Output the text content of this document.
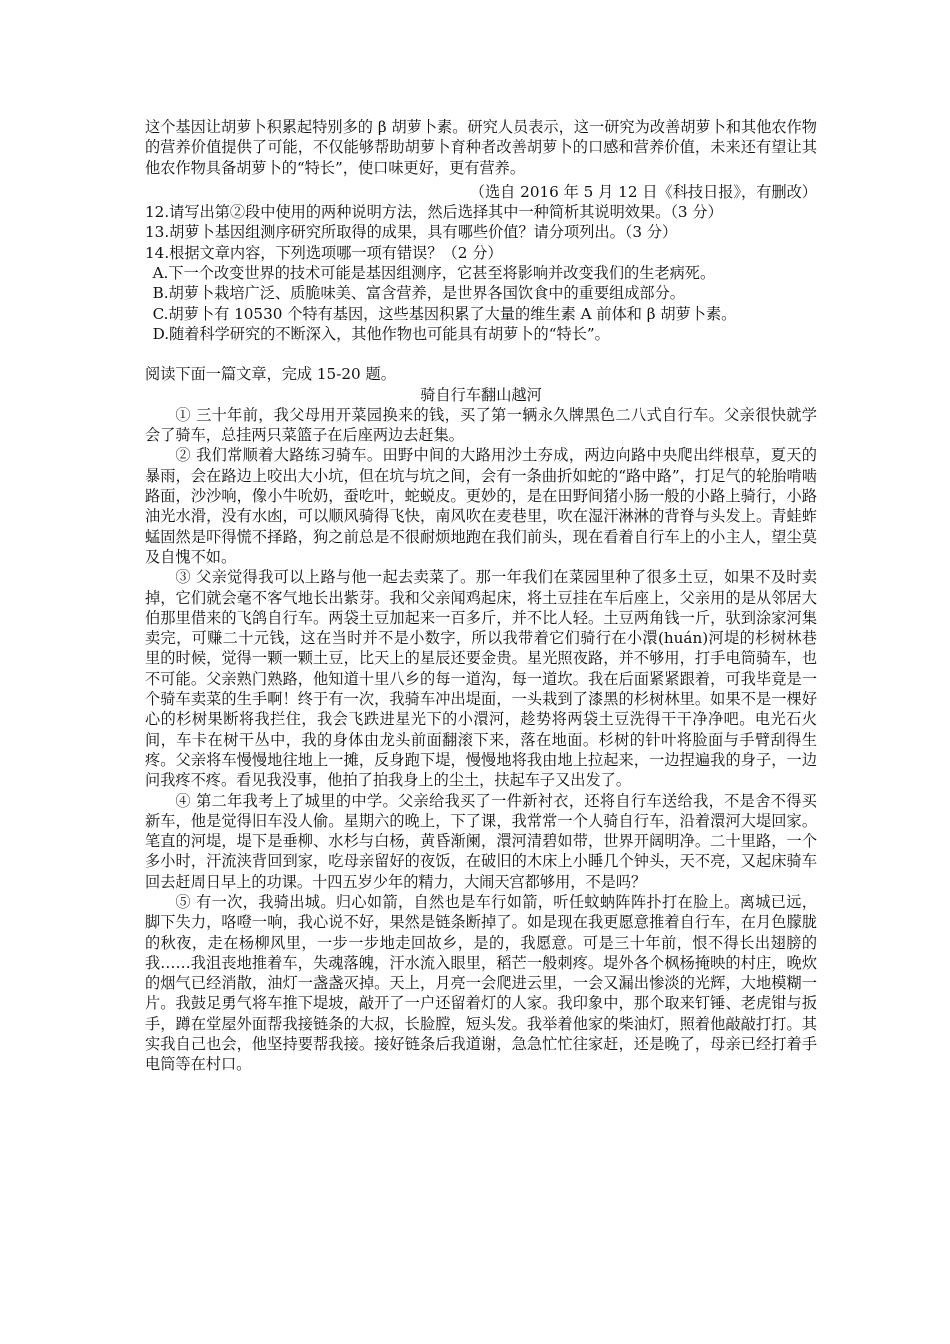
这个基因让胡萝卜积累起特别多的 β 胡萝卜素。研究人员表示，这一研究为改善胡萝卜和其他农作物的营养价值提供了可能，不仅能够帮助胡萝卜育种者改善胡萝卜的口感和营养价值，未来还有望让其他农作物具备胡萝卜的“特长”，使口味更好，更有营养。

（选自 2016 年 5 月 12 日《科技日报》，有删改）

12.请写出第②段中使用的两种说明方法，然后选择其中一种简析其说明效果。（3 分）

13.胡萝卜基因组测序研究所取得的成果，具有哪些价值？请分项列出。（3 分）

14.根据文章内容，下列选项哪一项有错误？（2 分）

A.下一个改变世界的技术可能是基因组测序，它甚至将影响并改变我们的生老病死。

B.胡萝卜栽培广泛、质脆味美、富含营养，是世界各国饮食中的重要组成部分。

C.胡萝卜有 10530 个特有基因，这些基因积累了大量的维生素 A 前体和 β 胡萝卜素。

D.随着科学研究的不断深入，其他作物也可能具有胡萝卜的“特长”。

阅读下面一篇文章，完成 15-20 题。

骑自行车翻山越河

① 三十年前，我父母用开菜园换来的钱，买了第一辆永久牌黑色二八式自行车。父亲很快就学会了骑车，总挂两只菜篮子在后座两边去赶集。

② 我们常顺着大路练习骑车。田野中间的大路用沙土夯成，两边向路中央爬出绊根草，夏天的暴雨，会在路边上咬出大小坑，但在坑与坑之间，会有一条曲折如蛇的“路中路”，打足气的轮胎啃啮路面，沙沙响，像小牛吮奶，蚕吃叶，蛇蜕皮。更妙的，是在田野间猪小肠一般的小路上骑行，小路油光水滑，没有水凼，可以顺风骑得飞快，南风吹在麦巷里，吹在湿汗淋淋的背脊与头发上。青蛙蚱蜢固然是吓得慌不择路，狗之前总是不很耐烦地跑在我们前头，现在看着自行车上的小主人，望尘莫及自愧不如。

③ 父亲觉得我可以上路与他一起去卖菜了。那一年我们在菜园里种了很多土豆，如果不及时卖掉，它们就会毫不客气地长出紫芽。我和父亲闻鸡起床，将土豆挂在车后座上，父亲用的是从邻居大伯那里借来的飞鸽自行车。两袋土豆加起来一百多斤，并不比人轻。土豆两角钱一斤，驮到涂家河集卖完，可赚二十元钱，这在当时并不是小数字，所以我带着它们骑行在小澴(huán)河堤的杉树林巷里的时候，觉得一颗一颗土豆，比天上的星辰还要金贵。星光照夜路，并不够用，打手电筒骑车，也不可能。父亲熟门熟路，他知道十里八乡的每一道沟，每一道坎。我在后面紧紧跟着，可我毕竟是一个骑车卖菜的生手啊！终于有一次，我骑车冲出堤面，一头栽到了漆黑的杉树林里。如果不是一棵好心的杉树果断将我拦住，我会飞跌进星光下的小澴河，趁势将两袋土豆洗得干干净净吧。电光石火间，车卡在树干丛中，我的身体由龙头前面翻滚下来，落在地面。杉树的针叶将脸面与手臂刮得生疼。父亲将车慢慢地往地上一摊，反身跑下堤，慢慢地将我由地上拉起来，一边捏遍我的身子，一边问我疼不疼。看见我没事，他拍了拍我身上的尘土，扶起车子又出发了。

④ 第二年我考上了城里的中学。父亲给我买了一件新衬衣，还将自行车送给我，不是舍不得买新车，他是觉得旧车没人偷。星期六的晚上，下了课，我常常一个人骑自行车，沿着澴河大堤回家。笔直的河堤，堤下是垂柳、水杉与白杨，黄昏渐阑，澴河清碧如带，世界开阔明净。二十里路，一个多小时，汗流浃背回到家，吃母亲留好的夜饭，在破旧的木床上小睡几个钟头，天不亮，又起床骑车回去赶周日早上的功课。十四五岁少年的精力，大闹天宫都够用，不是吗？

⑤ 有一次，我骑出城。归心如箭，自然也是车行如箭，听任蚊蚋阵阵扑打在脸上。离城已远，脚下失力，咯噔一响，我心说不好，果然是链条断掉了。如是现在我更愿意推着自行车，在月色朦胧的秋夜，走在杨柳风里，一步一步地走回故乡，是的，我愿意。可是三十年前，恨不得长出翅膀的我……我沮丧地推着车，失魂落魄，汗水流入眼里，稻芒一般刺疼。堤外各个枫杨掩映的村庄，晚炊的烟气已经消散，油灯一盏盏灭掉。天上，月亮一会爬进云里，一会又漏出惨淡的光辉，大地模糊一片。我鼓足勇气将车推下堤坡，敲开了一户还留着灯的人家。我印象中，那个取来钉锤、老虎钳与扳手，蹲在堂屋外面帮我接链条的大叔，长脸膛，短头发。我举着他家的柴油灯，照着他敲敲打打。其实我自己也会，他坚持要帮我接。接好链条后我道谢，急急忙忙往家赶，还是晚了，母亲已经打着手电筒等在村口。
